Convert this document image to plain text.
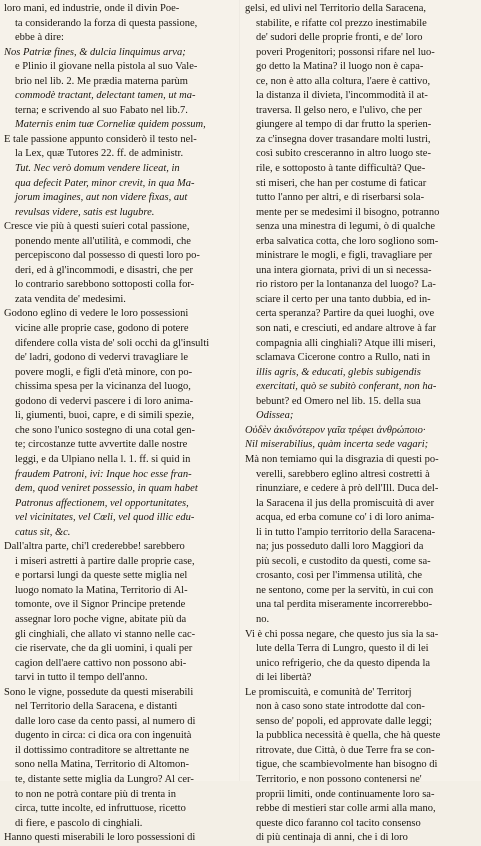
loro mani, ed industrie, onde il divin Poe-
ta considerando la forza di questa passione,
ebbe à dire:
Nos Patriæ fines, & dulcia linquimus arva;
e Plinio il giovane nella pistola al suo Vale-
brio nel lib. 2. Me prædia materna parùm
commodè tractant, delectant tamen, ut ma-
terna; e scrivendo al suo Fabato nel lib.7.
Maternis enim tuæ Corneliæ quidem possum,
E tale passione appunto considerò il testo nel-
la Lex, quæ Tutores 22. ff. de administr.
Tut. Nec verò domum vendere liceat, in
qua defecit Pater, minor crevit, in qua Ma-
jorum imagines, aut non videre fixas, aut
revulsas videre, satis est lugubre.
Cresce vie più à questi suíeri cotal passione,
ponendo mente all'utilità, e commodi, che
percepiscono dal possesso di questi loro po-
deri, ed à gl'incommodi, e disastri, che per
lo contrario sarebbono sottoposti colla for-
zata vendita de' medesimi.
Godono eglino di vedere le loro possessioni
vicine alle proprie case, godono di potere
difendere colla vista de' soli occhi da gl'insulti
de' ladri, godono di vedervi travagliare le
povere mogli, e figli d'età minore, con po-
chissima spesa per la vicinanza del luogo,
godono di vedervi pascere i di loro anima-
li, giumenti, buoi, capre, e di simili spezie,
che sono l'unico sostegno di una cotal gen-
te; circostanze tutte avvertite dalle nostre
leggi, e da Ulpiano nella l. 1. ff. si quid in
fraudem Patroni, ivi: Inque hoc esse fran-
dem, quod veniret possessio, in quam habet
Patronus affectionem, vel opportunitates,
vel vicinitates, vel Cœli, vel quod illic edu-
catus sit, &c.
Dall'altra parte, chi'l crederebbe! sarebbero
i miseri astretti à partire dalle proprie case,
e portarsi lungi da queste sette miglia nel
luogo nomato la Matina, Territorio di Al-
tomonte, ove il Signor Principe pretende
assegnar loro poche vigne, abitate più da
gli cinghiali, che allato vi stanno nelle cac-
cie riservate, che da gli uomini, i quali per
cagion dell'aere cattivo non possono abi-
tarvi in tutto il tempo dell'anno.
Sono le vigne, possedute da questi miserabili
nel Territorio della Saracena, e distanti
dalle loro case da cento passi, al numero di
dugento in circa: ci dica ora con ingenuità
il dottissimo contraditore se altrettante ne
sono nella Matina, Territorio di Altomon-
te, distante sette miglia da Lungro? Al cer-
to non ne potrà contare più di trenta in
circa, tutte incolte, ed infruttuose, ricetto
di fiere, e pascolo di cinghiali.
Hanno questi miserabili le loro possessioni di
gelsi, ed ulivi nel Territorio della Saracena,
stabilite, e rifatte col prezzo inestimabile
de' sudori delle proprie fronti, e de' loro
poveri Progenitori; possonsi rifare nel luo-
go detto la Matina? il luogo non è capa-
ce, non è atto alla coltura, l'aere è cattivo,
la distanza il divieta, l'incommodità il at-
traversa. Il gelso nero, e l'ulivo, che per
giungere al tempo di dar frutto la sperien-
za c'insegna dover trasandare molti lustri,
così subito cresceranno in altro luogo ste-
rile, e sottoposto à tante difficultà? Que-
sti miseri, che han per costume di faticar
tutto l'anno per altri, e di riserbarsi sola-
mente per se medesimi il bisogno, potranno
senza una minestra di legumi, ò di qualche
erba salvatica cotta, che loro sogliono som-
ministrare le mogli, e figli, travagliare per
una intera giornata, privi di un sì necessa-
rio ristoro per la lontananza del luogo? La-
sciare il certo per una tanto dubbia, ed in-
certa speranza? Partire da quei luoghi, ove
son nati, e cresciuti, ed andare altrove à far
compagnia alli cinghiali? Atque illi miseri,
sclamava Cicerone contro a Rullo, nati in
illis agris, & educati, glebis subigendis
exercitati, quò se subitò conferant, non ha-
bebunt? ed Omero nel lib. 15. della sua
Odissea;
Οὐδὲν ἀκιδνότερον γαῖα τρέφει ἀνθρώποιο·
Nil miserabilius, quàm incerta sede vagari;
Mà non temiamo qui la disgrazia di questi po-
verelli, sarebbero eglino altresì costretti à
rinunziare, e cedere à prò dell'Ill. Duca del-
la Saracena il jus della promiscuità di aver
acqua, ed erba comune co' i di loro anima-
li in tutto l'ampio territorio della Saracena-
na; jus posseduto dalli loro Maggiori da
più secoli, e custodito da questi, come sa-
crosanto, così per l'immensa utilità, che
ne sentono, come per la servitù, in cui con
una tal perdita miseramente incorrerebbo-
no.
Vi è chi possa negare, che questo jus sia la sa-
lute della Terra di Lungro, questo il di lei
unico refrigerio, che da questo dipenda la
di lei libertà?
Le promiscuità, e comunità de' Territorj
non à caso sono state introdotte dal con-
senso de' popoli, ed approvate dalle leggi;
la pubblica necessità è quella, che hà queste
ritrovate, due Città, ò due Terre fra se con-
tigue, che scambievolmente han bisogno di
Territorio, e non possono contenersi ne'
proprii limiti, onde continuamente loro sa-
rebbe di mestieri star colle armi alla mano,
queste dico faranno col tacito consenso
di più centinaja di anni, che i di loro
